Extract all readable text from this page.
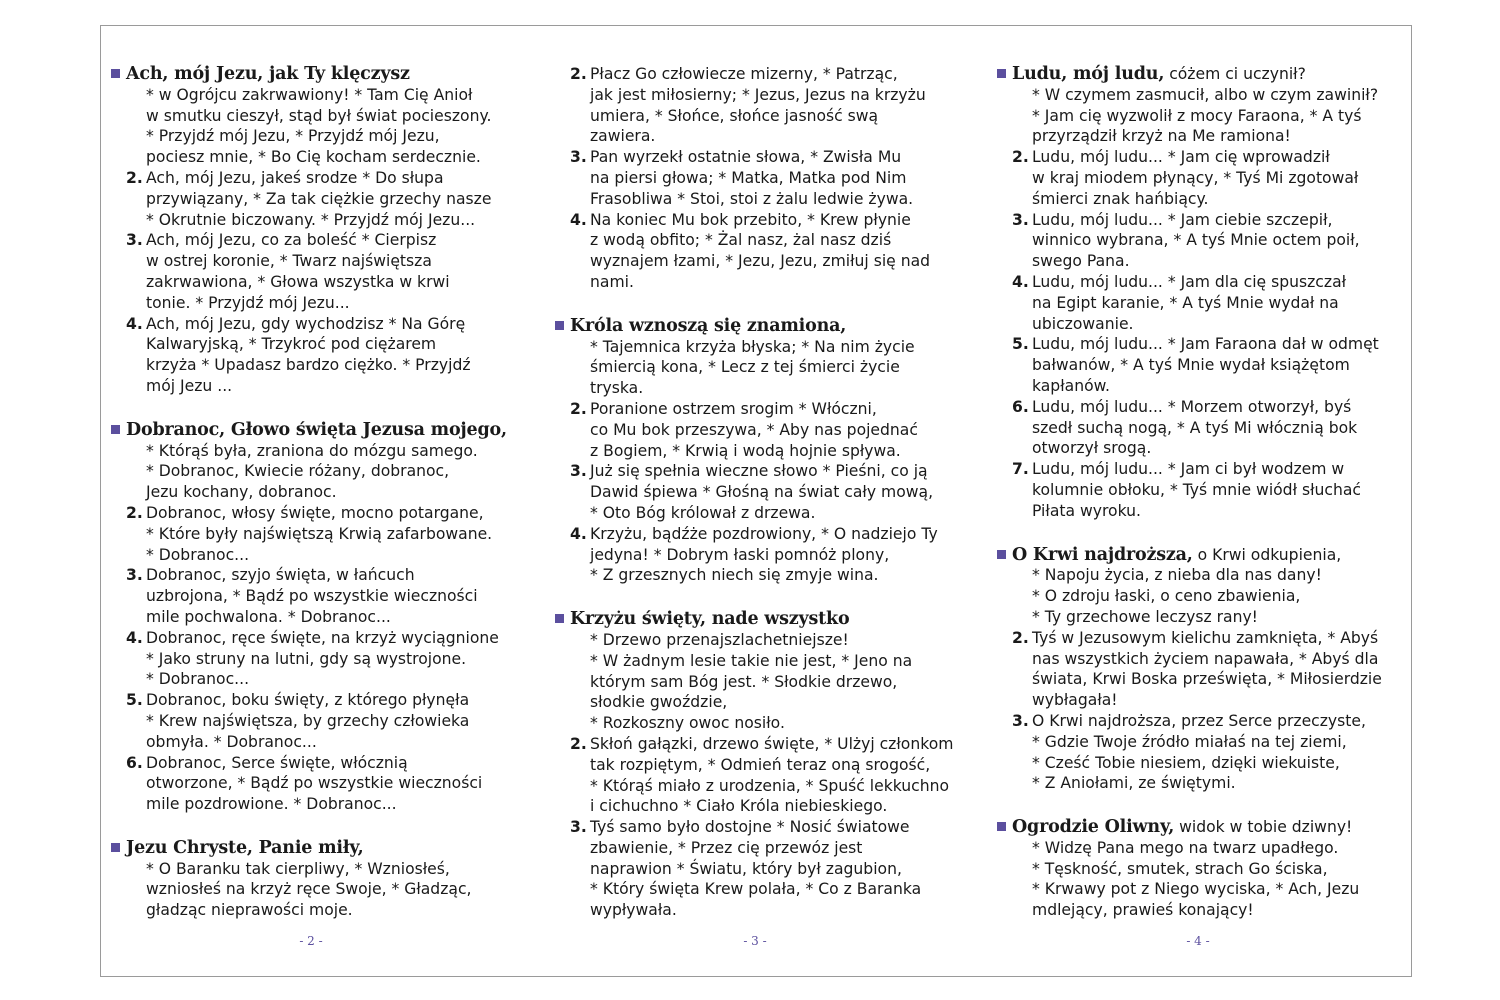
Ach, mój Jezu, jak Ty klęczysz
* w Ogrójcu zakrwawiony! * Tam Cię Anioł
w smutku cieszył, stąd był świat pocieszony.
* Przyjdź mój Jezu, * Przyjdź mój Jezu,
pociesz mnie, * Bo Cię kocham serdecznie.
2. Ach, mój Jezu, jakeś srodze * Do słupa
przywiązany, * Za tak ciężkie grzechy nasze
* Okrutnie biczowany. * Przyjdź mój Jezu...
3. Ach, mój Jezu, co za boleść * Cierpisz
w ostrej koronie, * Twarz najświętsza
zakrwawiona, * Głowa wszystka w krwi
tonie. * Przyjdź mój Jezu...
4. Ach, mój Jezu, gdy wychodzisz * Na Górę
Kalwaryjską, * Trzykroć pod ciężarem
krzyża * Upadasz bardzo ciężko. * Przyjdź
mój Jezu ...
Dobranoc, Głowo święta Jezusa mojego,
* Którąś była, zraniona do mózgu samego.
* Dobranoc, Kwiecie różany, dobranoc,
Jezu kochany, dobranoc.
2. Dobranoc, włosy święte, mocno potargane,
* Które były najświętszą Krwią zafarbowane.
* Dobranoc...
3. Dobranoc, szyjo święta, w łańcuch
uzbrojona, * Bądź po wszystkie wieczności
mile pochwalona. * Dobranoc...
4. Dobranoc, ręce święte, na krzyż wyciągnione
* Jako struny na lutni, gdy są wystrojone.
* Dobranoc...
5. Dobranoc, boku święty, z którego płynęła
* Krew najświętsza, by grzechy człowieka
obmyła. * Dobranoc...
6. Dobranoc, Serce święte, włócznią
otworzone, * Bądź po wszystkie wieczności
mile pozdrowione. * Dobranoc...
Jezu Chryste, Panie miły,
* O Baranku tak cierpliwy, * Wzniosłeś,
wzniosłeś na krzyż ręce Swoje, * Gładząc,
gładząc nieprawości moje.
2. Płacz Go człowiecze mizerny, * Patrząc,
jak jest miłosierny; * Jezus, Jezus na krzyżu
umiera, * Słońce, słońce jasność swą
zawiera.
3. Pan wyrzekł ostatnie słowa, * Zwisła Mu
na piersi głowa; * Matka, Matka pod Nim
Frasobliwa * Stoi, stoi z żalu ledwie żywa.
4. Na koniec Mu bok przebito, * Krew płynie
z wodą obfito; * Żal nasz, żal nasz dziś
wyznajem łzami, * Jezu, Jezu, zmiłuj się nad
nami.
Króla wznoszą się znamiona,
* Tajemnica krzyża błyska; * Na nim życie
śmiercią kona, * Lecz z tej śmierci życie
tryska.
2. Poranione ostrzem srogim * Włóczni,
co Mu bok przeszywa, * Aby nas pojednać
z Bogiem, * Krwią i wodą hojnie spływa.
3. Już się spełnia wieczne słowo * Pieśni, co ją
Dawid śpiewa * Głośną na świat cały mową,
* Oto Bóg królował z drzewa.
4. Krzyżu, bądźże pozdrowiony, * O nadziejo Ty
jedyna! * Dobrym łaski pomnóż plony,
* Z grzesznych niech się zmyje wina.
Krzyżu święty, nade wszystko
* Drzewo przenajszlachetniejsze!
* W żadnym lesie takie nie jest, * Jeno na
którym sam Bóg jest. * Słodkie drzewo,
słodkie gwoździe,
* Rozkoszny owoc nosiło.
2. Skłoń gałązki, drzewo święte, * Ulżyj członkom
tak rozpiętym, * Odmień teraz oną srogość,
* Którąś miało z urodzenia, * Spuść lekkuchno
i cichuchno * Ciało Króla niebieskiego.
3. Tyś samo było dostojne * Nosić światowe
zbawienie, * Przez cię przewóz jest
naprawion * Światu, który był zagubion,
* Który święta Krew polała, * Co z Baranka
wypływała.
Ludu, mój ludu, cóżem ci uczynił?
* W czymem zasmucił, albo w czym zawinił?
* Jam cię wyzwolił z mocy Faraona, * A tyś
przyrządził krzyż na Me ramiona!
2. Ludu, mój ludu... * Jam cię wprowadził
w kraj miodem płynący, * Tyś Mi zgotował
śmierci znak hańbiący.
3. Ludu, mój ludu... * Jam ciebie szczepił,
winnico wybrana, * A tyś Mnie octem poił,
swego Pana.
4. Ludu, mój ludu... * Jam dla cię spuszczał
na Egipt karanie, * A tyś Mnie wydał na
ubiczowanie.
5. Ludu, mój ludu... * Jam Faraona dał w odmęt
bałwanów, * A tyś Mnie wydał książętom
kapłanów.
6. Ludu, mój ludu... * Morzem otworzył, byś
szedł suchą nogą, * A tyś Mi włócznią bok
otworzył srogą.
7. Ludu, mój ludu... * Jam ci był wodzem w
kolumnie obłoku, * Tyś mnie wiódł słuchać
Piłata wyroku.
O Krwi najdroższa, o Krwi odkupienia,
* Napoju życia, z nieba dla nas dany!
* O zdroju łaski, o ceno zbawienia,
* Ty grzechowe leczysz rany!
2. Tyś w Jezusowym kielichu zamknięta, * Abyś
nas wszystkich życiem napawała, * Abyś dla
świata, Krwi Boska prześwięta, * Miłosierdzie
wybłagała!
3. O Krwi najdroższa, przez Serce przeczyste,
* Gdzie Twoje źródło miałaś na tej ziemi,
* Cześć Tobie niesiem, dzięki wiekuiste,
* Z Aniołami, ze świętymi.
Ogrodzie Oliwny, widok w tobie dziwny!
* Widzę Pana mego na twarz upadłego.
* Tęskność, smutek, strach Go ściska,
* Krwawy pot z Niego wyciska, * Ach, Jezu
mdlejący, prawieś konający!
- 2 -	- 3 -	- 4 -
